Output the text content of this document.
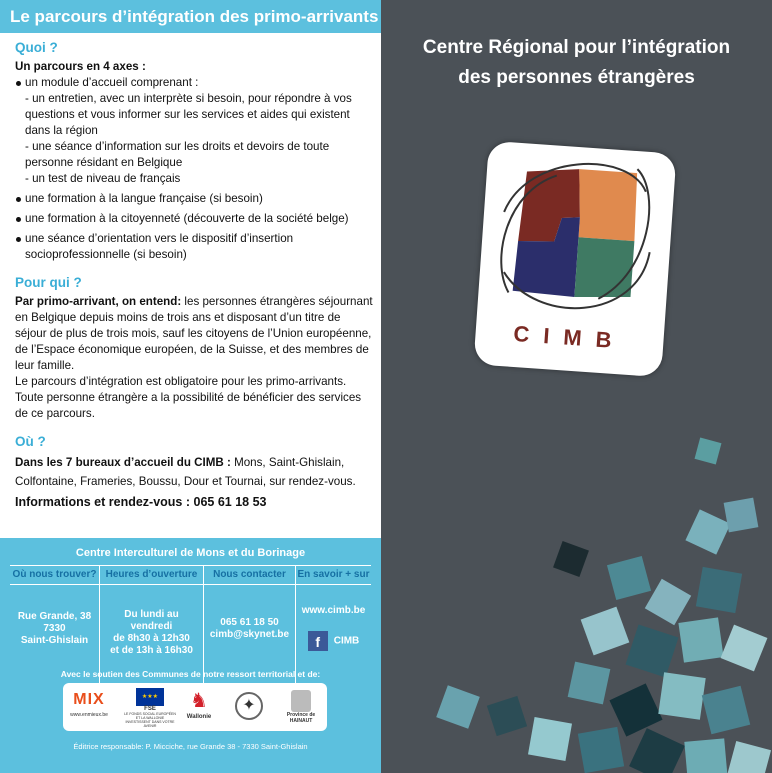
Le parcours d’intégration des primo-arrivants
Quoi ?
Un parcours en 4 axes :
un module d’accueil comprenant :
- un entretien, avec un interprète si besoin, pour répondre à vos questions et vous informer sur les services et aides qui existent dans la région
- une séance d’information sur les droits et devoirs de toute personne résidant en Belgique
- un test de niveau de français
une formation à la langue française (si besoin)
une formation à la citoyenneté (découverte de la société belge)
une séance d’orientation vers le dispositif d’insertion socioprofessionnelle (si besoin)
Pour qui ?
Par primo-arrivant, on entend: les personnes étrangères séjournant en Belgique depuis moins de trois ans et disposant d’un titre de séjour de plus de trois mois, sauf les citoyens de l’Union européenne, de l’Espace économique européen, de la Suisse, et des membres de leur famille.
Le parcours d’intégration est obligatoire pour les primo-arrivants. Toute personne étrangère a la possibilité de bénéficier des services de ce parcours.
Où ?
Dans les 7 bureaux d’accueil du CIMB : Mons, Saint-Ghislain, Colfontaine, Frameries, Boussu, Dour et Tournai, sur rendez-vous.
Informations et rendez-vous : 065 61 18 53
Centre Interculturel de Mons et du Borinage
Où nous trouver?
Rue Grande, 38
7330
Saint-Ghislain
Heures d’ouverture
Du lundi au
vendredi
de 8h30 à 12h30
et de 13h à 16h30
Nous contacter
065 61 18 50
cimb@skynet.be
En savoir + sur
www.cimb.be
f CIMB
Avec le soutien des Communes de notre ressort territorial et de:
MIX
www.enmieux.be
★★★
FSE
LE FONDS SOCIAL EUROPÉEN ET LA WALLONIE INVESTISSENT DANS VOTRE AVENIR
♞
Wallonie
✦
Province de HAINAUT
Éditrice responsable: P. Micciche, rue Grande 38 - 7330 Saint-Ghislain
Centre Régional pour l’intégration
des personnes étrangères
CIMB
